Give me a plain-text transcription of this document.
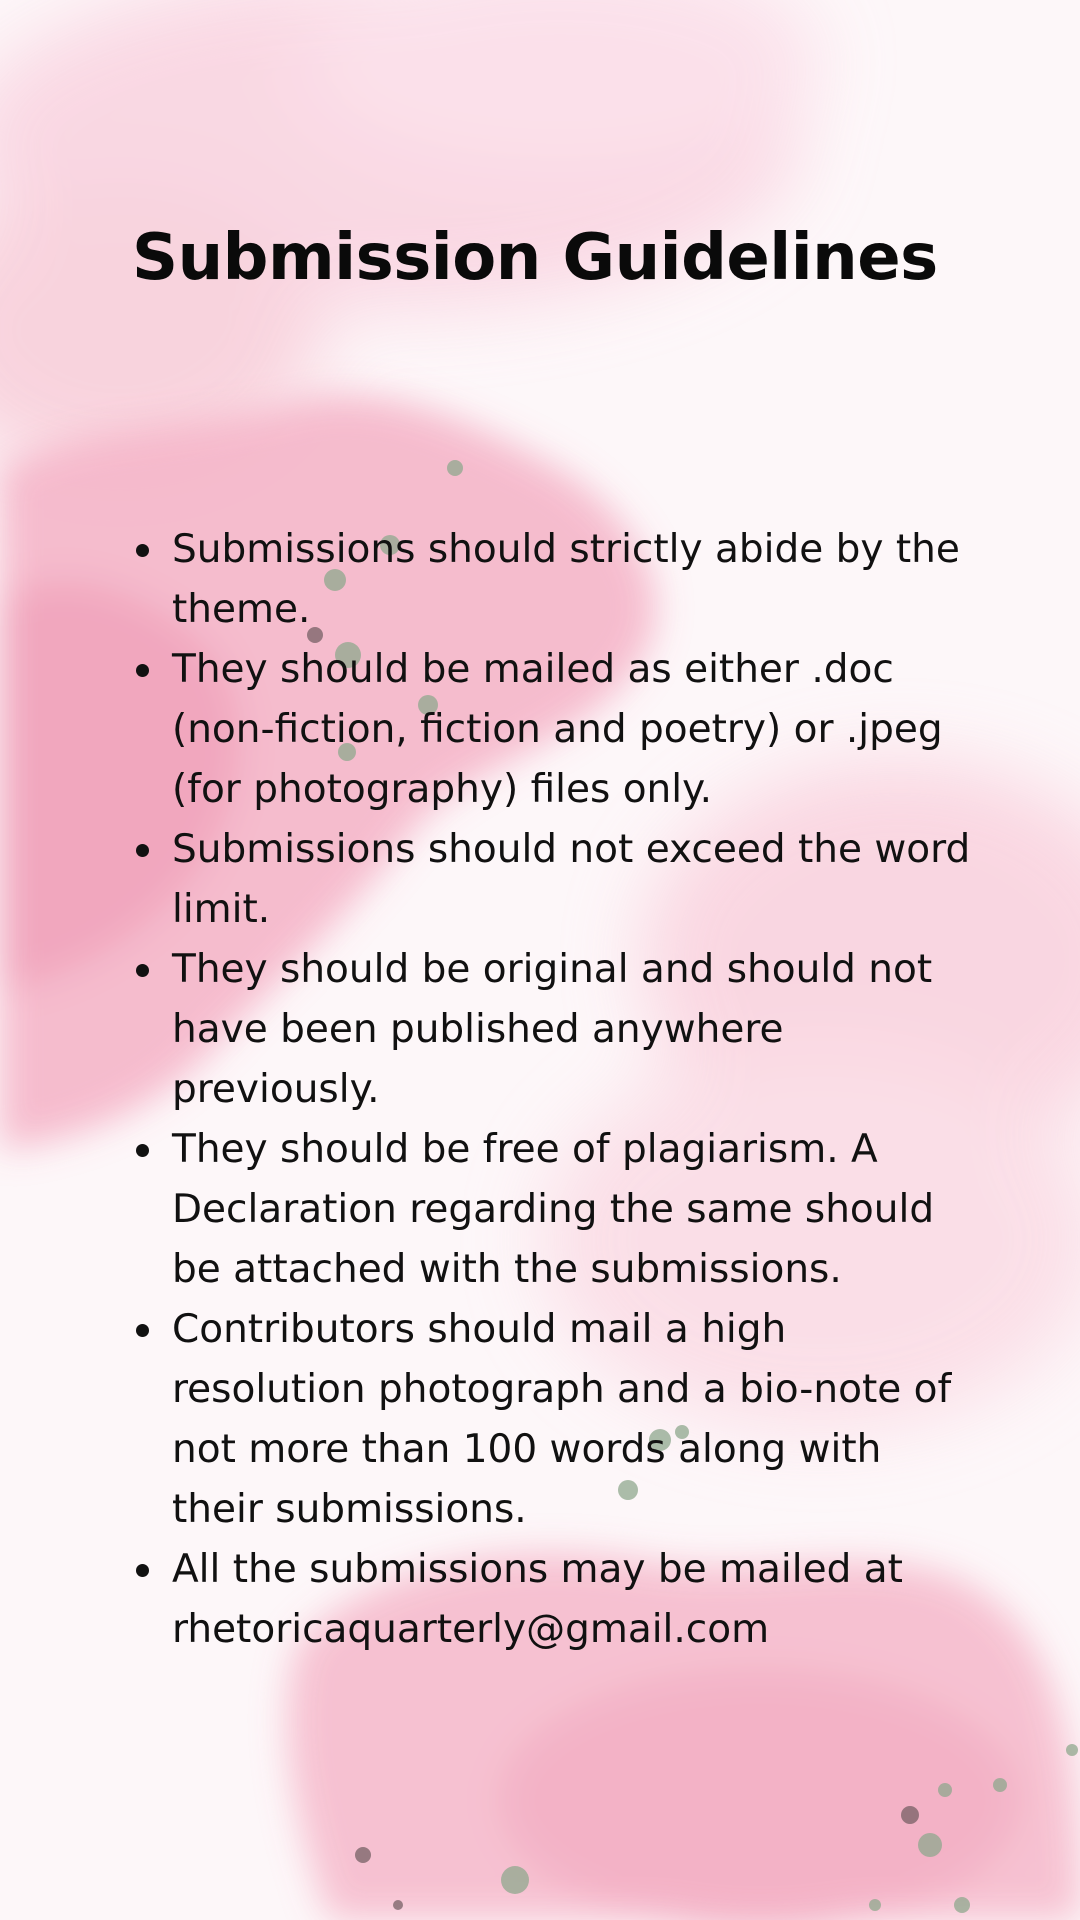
Submission Guidelines
Submissions should strictly abide by the theme.
They should be mailed as either .doc (non-fiction, fiction and poetry) or .jpeg (for photography) files only.
Submissions should not exceed the word limit.
They should be original and should not have been published anywhere previously.
They should be free of plagiarism. A Declaration regarding the same should be attached with the submissions.
Contributors should mail a high resolution photograph and a bio-note of not more than 100 words along with their submissions.
All the submissions may be mailed at rhetoricaquarterly@gmail.com
